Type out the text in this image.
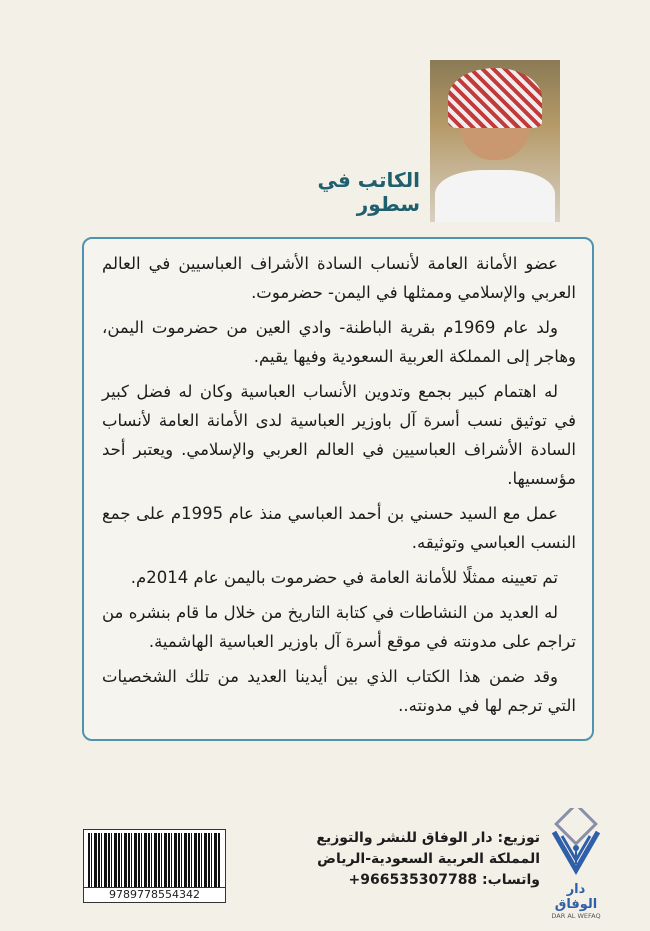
الكاتب في سطور

عضو الأمانة العامة لأنساب السادة الأشراف العباسيين في العالم العربي والإسلامي وممثلها في اليمن- حضرموت.

ولد عام 1969م بقرية الباطنة- وادي العين من حضرموت اليمن، وهاجر إلى المملكة العربية السعودية وفيها يقيم.

له اهتمام كبير بجمع وتدوين الأنساب العباسية وكان له فضل كبير في توثيق نسب أسرة آل باوزير العباسية لدى الأمانة العامة لأنساب السادة الأشراف العباسيين في العالم العربي والإسلامي. ويعتبر أحد مؤسسيها.

عمل مع السيد حسني بن أحمد العباسي منذ عام 1995م على جمع النسب العباسي وتوثيقه.

تم تعيينه ممثلًا للأمانة العامة في حضرموت باليمن عام 2014م.

له العديد من النشاطات في كتابة التاريخ من خلال ما قام بنشره من تراجم على مدونته في موقع أسرة آل باوزير العباسية الهاشمية.

وقد ضمن هذا الكتاب الذي بين أيدينا العديد من تلك الشخصيات التي ترجم لها في مدونته..

دار الوفاق
DAR AL WEFAQ
توزيع: دار الوفاق للنشر والتوزيع
المملكة العربية السعودية-الرياض
واتساب: 966535307788+
9789778554342
